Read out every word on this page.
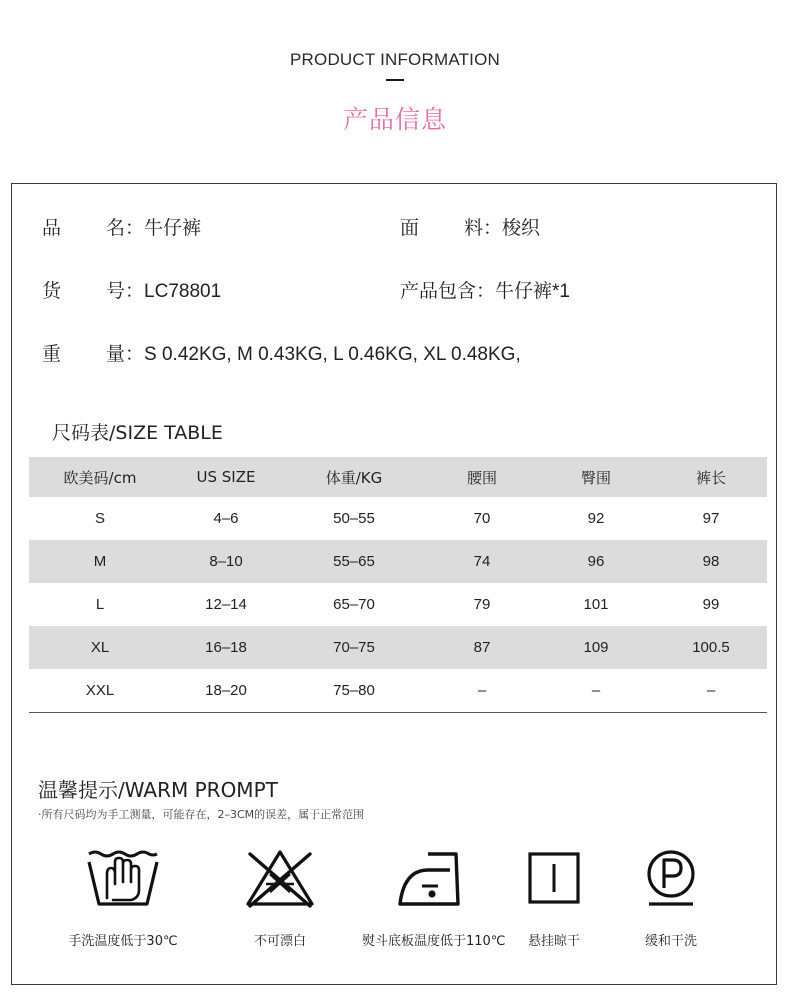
PRODUCT INFORMATION
产品信息
品 名：牛仔裤	面 料：梭织
货 号：LC78801	产品包含：牛仔裤*1
重 量：S 0.42KG, M 0.43KG, L 0.46KG, XL 0.48KG,
尺码表/SIZE TABLE
欧美码/cm	US SIZE	体重/KG	腰围	臀围	裤长
S	4–6	50–55	70	92	97
M	8–10	55–65	74	96	98
L	12–14	65–70	79	101	99
XL	16–18	70–75	87	109	100.5
XXL	18–20	75–80	–	–	–
温馨提示/WARM PROMPT
·所有尺码均为手工测量，可能存在，2–3CM的误差，属于正常范围
手洗温度低于30℃	不可漂白	熨斗底板温度低于110℃	悬挂晾干	缓和干洗
